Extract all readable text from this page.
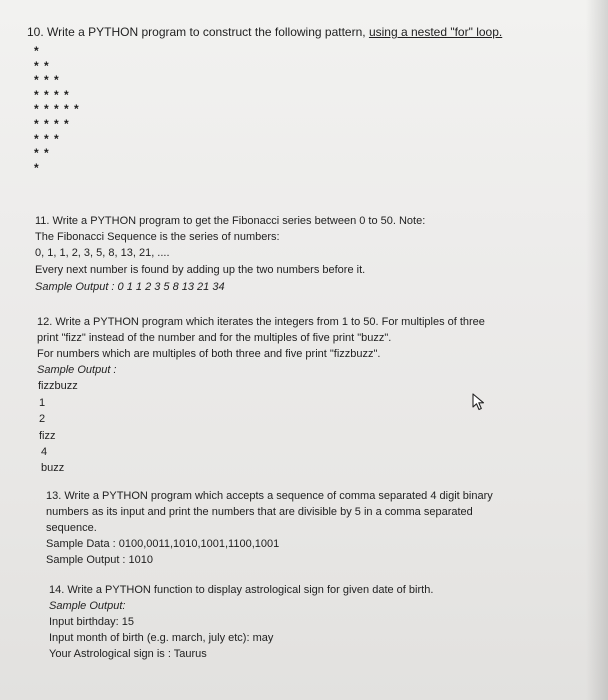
10. Write a PYTHON program to construct the following pattern, using a nested "for" loop.
*
* *
* * *
* * * *
* * * * *
* * * *
* * *
* *
*
11. Write a PYTHON program to get the Fibonacci series between 0 to 50. Note:
The Fibonacci Sequence is the series of numbers:
0, 1, 1, 2, 3, 5, 8, 13, 21, ....
Every next number is found by adding up the two numbers before it.
Sample Output : 0 1 1 2 3 5 8 13 21 34
12. Write a PYTHON program which iterates the integers from 1 to 50. For multiples of three
print "fizz" instead of the number and for the multiples of five print "buzz".
For numbers which are multiples of both three and five print "fizzbuzz".
Sample Output :
fizzbuzz
1
2
fizz
4
buzz
13. Write a PYTHON program which accepts a sequence of comma separated 4 digit binary
numbers as its input and print the numbers that are divisible by 5 in a comma separated
sequence.
Sample Data : 0100,0011,1010,1001,1100,1001
Sample Output : 1010
14. Write a PYTHON function to display astrological sign for given date of birth.
Sample Output:
Input birthday: 15
Input month of birth (e.g. march, july etc): may
Your Astrological sign is : Taurus
